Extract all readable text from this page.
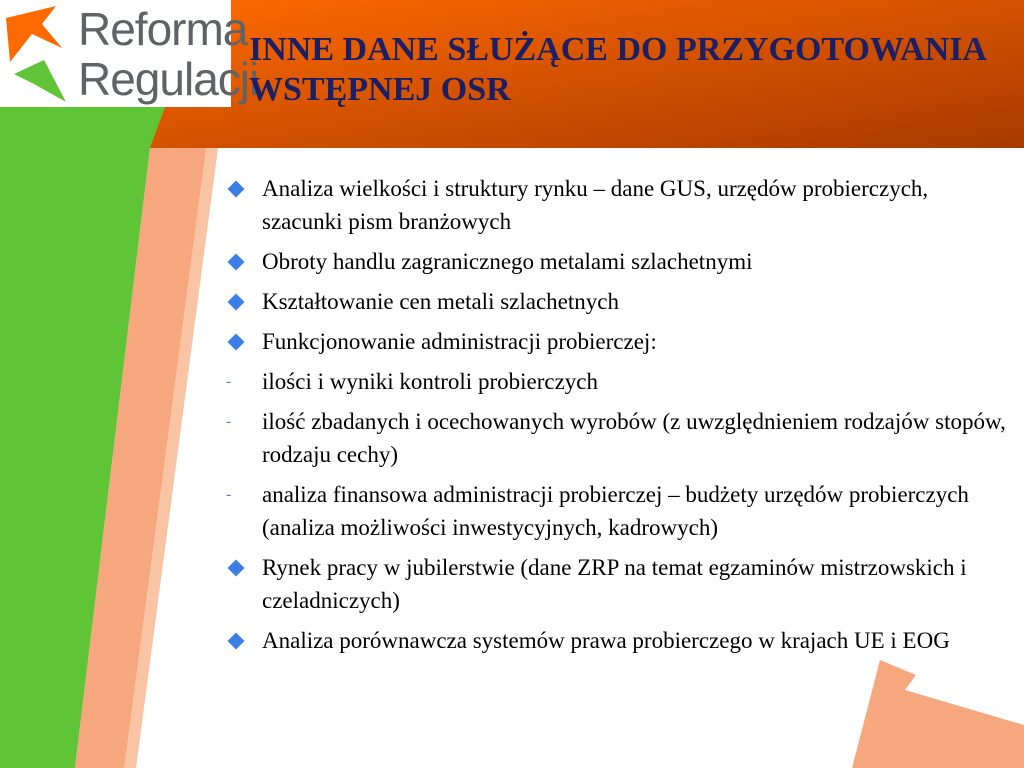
Reforma
Regulacji
INNE DANE SŁUŻĄCE DO PRZYGOTOWANIA WSTĘPNEJ OSR
Analiza wielkości i struktury rynku – dane GUS, urzędów probierczych, szacunki pism branżowych
Obroty handlu zagranicznego metalami szlachetnymi
Kształtowanie cen metali szlachetnych
Funkcjonowanie administracji probierczej:
- ilości i wyniki kontroli probierczych
- ilość zbadanych i ocechowanych wyrobów (z uwzględnieniem rodzajów stopów, rodzaju cechy)
- analiza finansowa administracji probierczej – budżety urzędów probierczych (analiza możliwości inwestycyjnych, kadrowych)
Rynek pracy w jubilerstwie (dane ZRP na temat egzaminów mistrzowskich i czeladniczych)
Analiza porównawcza systemów prawa probierczego w krajach UE i EOG
